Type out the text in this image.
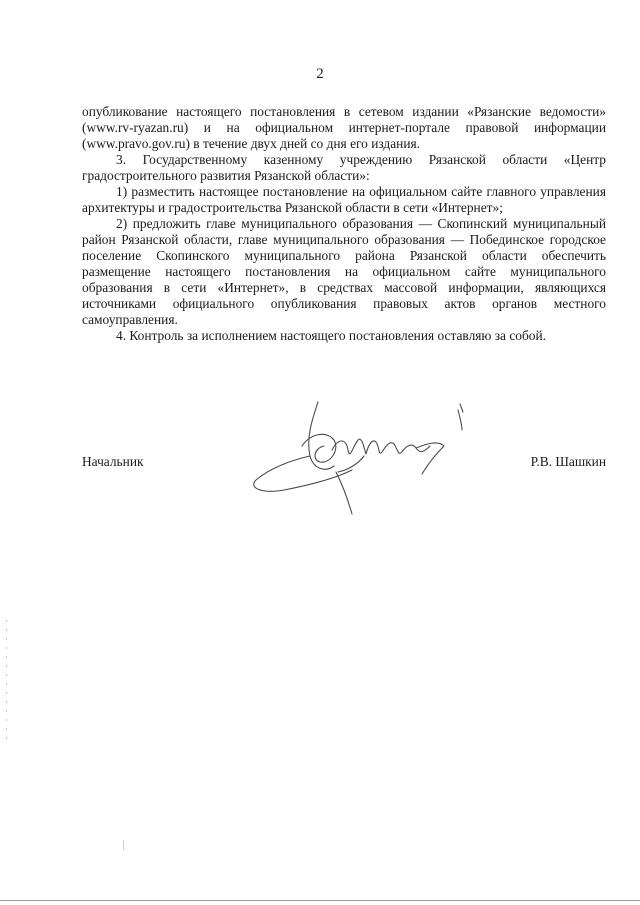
2

опубликование настоящего постановления в сетевом издании «Рязанские ведомости» (www.rv-ryazan.ru) и на официальном интернет-портале правовой информации (www.pravo.gov.ru) в течение двух дней со дня его издания.

3. Государственному казенному учреждению Рязанской области «Центр градостроительного развития Рязанской области»:

1) разместить настоящее постановление на официальном сайте главного управления архитектуры и градостроительства Рязанской области в сети «Интернет»;

2) предложить главе муниципального образования — Скопинский муниципальный район Рязанской области, главе муниципального образования — Побединское городское поселение Скопинского муниципального района Рязанской области обеспечить размещение настоящего постановления на официальном сайте муниципального образования в сети «Интернет», в средствах массовой информации, являющихся источниками официального опубликования правовых актов органов местного самоуправления.

4. Контроль за исполнением настоящего постановления оставляю за собой.

Начальник	Р.В. Шашкин
